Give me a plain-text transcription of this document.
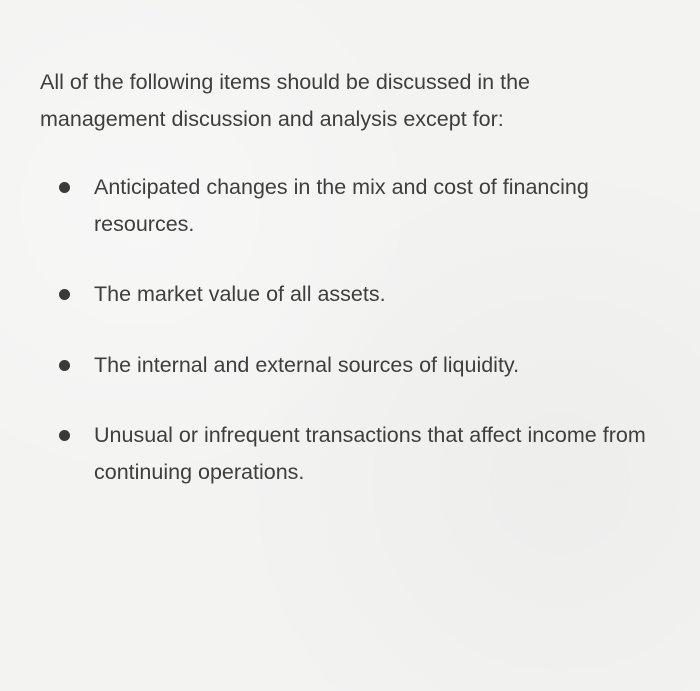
All of the following items should be discussed in the management discussion and analysis except for:

Anticipated changes in the mix and cost of financing resources.
The market value of all assets.
The internal and external sources of liquidity.
Unusual or infrequent transactions that affect income from continuing operations.
